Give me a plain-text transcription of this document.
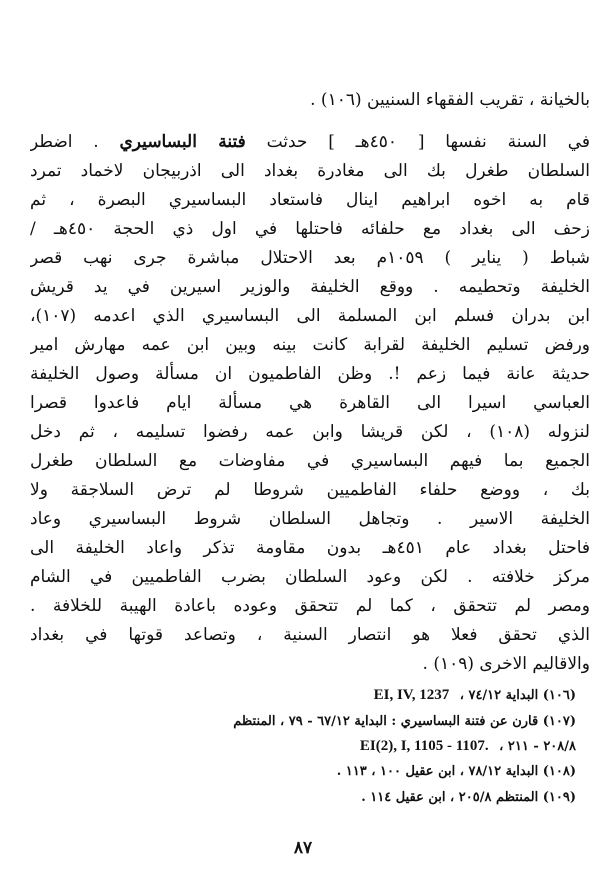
بالخيانة ، تقريب الفقهاء السنيين (١٠٦) .
في السنة نفسها [ ٤٥٠هـ ] حدثت فتنة البساسيري . اضطر
السلطان طغرل بك الى مغادرة بغداد الى اذربيجان لاخماد تمرد
قام به اخوه ابراهيم اينال فاستعاد البساسيري البصرة ، ثم
زحف الى بغداد مع حلفائه فاحتلها في اول ذي الحجة ٤٥٠هـ /
شباط ( يناير ) ١٠٥٩م بعد الاحتلال مباشرة جرى نهب قصر
الخليفة وتحطيمه . ووقع الخليفة والوزير اسيرين في يد قريش
ابن بدران فسلم ابن المسلمة الى البساسيري الذي اعدمه (١٠٧)،
ورفض تسليم الخليفة لقرابة كانت بينه وبين ابن عمه مهارش امير
حديثة عانة فيما زعم !. وظن الفاطميون ان مسألة وصول الخليفة
العباسي اسيرا الى القاهرة هي مسألة ايام فاعدوا قصرا
لنزوله (١٠٨) ، لكن قريشا وابن عمه رفضوا تسليمه ، ثم دخل
الجميع بما فيهم البساسيري في مفاوضات مع السلطان طغرل
بك ، ووضع حلفاء الفاطميين شروطا لم ترض السلاجقة ولا
الخليفة الاسير . وتجاهل السلطان شروط البساسيري وعاد
فاحتل بغداد عام ٤٥١هـ بدون مقاومة تذكر واعاد الخليفة الى
مركز خلافته . لكن وعود السلطان بضرب الفاطميين في الشام
ومصر لم تتحقق ، كما لم تتحقق وعوده باعادة الهيبة للخلافة .
الذي تحقق فعلا هو انتصار السنية ، وتصاعد قوتها في بغداد
والاقاليم الاخرى (١٠٩) .
(١٠٦) البداية ٧٤/١٢ ، EI, IV, 1237
(١٠٧) قارن عن فتنة البساسيري : البداية ٦٧/١٢ - ٧٩ ، المنتظم
٢٠٨/٨ - ٢١١ ، EI(2), I, 1105 - 1107.
(١٠٨) البداية ٧٨/١٢ ، ابن عقيل ١٠٠ ، ١١٣ .
(١٠٩) المنتظم ٢٠٥/٨ ، ابن عقيل ١١٤ .
٨٧
